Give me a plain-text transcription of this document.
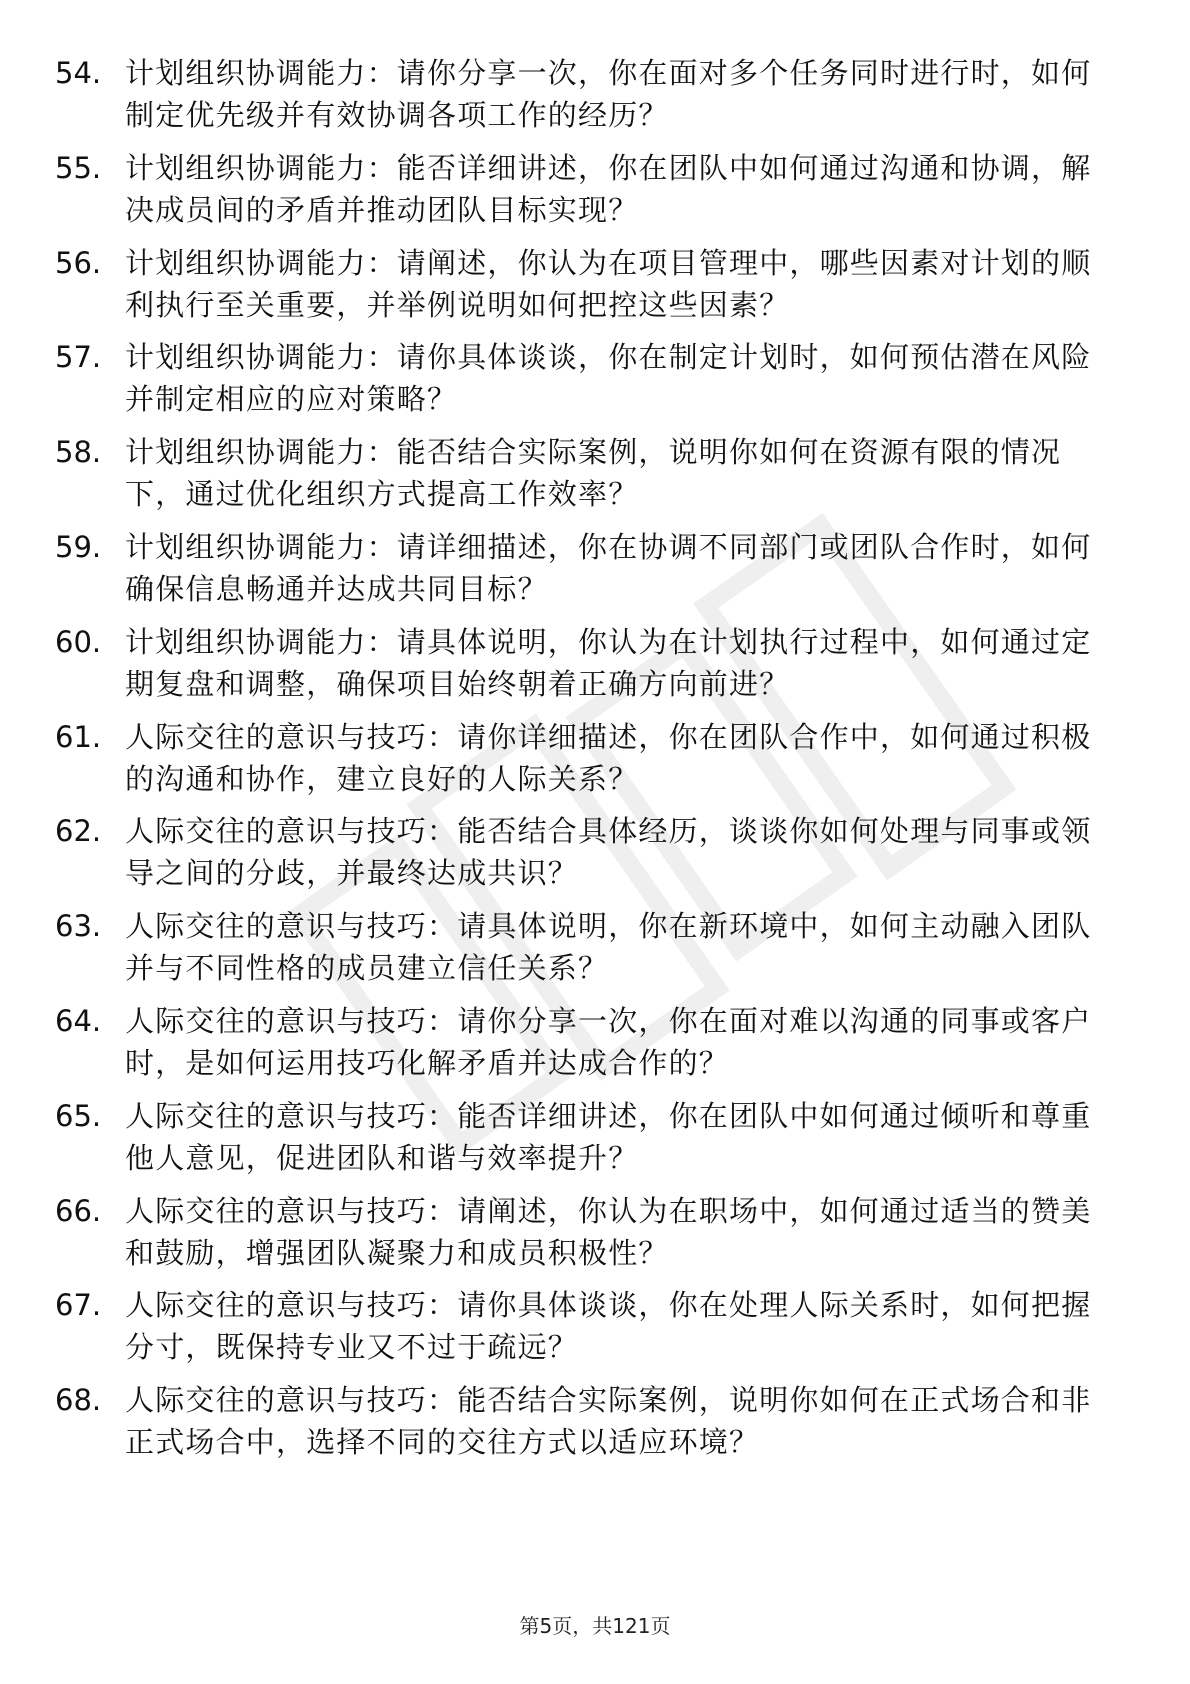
54. 计划组织协调能力：请你分享一次，你在面对多个任务同时进行时，如何制定优先级并有效协调各项工作的经历？
55. 计划组织协调能力：能否详细讲述，你在团队中如何通过沟通和协调，解决成员间的矛盾并推动团队目标实现？
56. 计划组织协调能力：请阐述，你认为在项目管理中，哪些因素对计划的顺利执行至关重要，并举例说明如何把控这些因素？
57. 计划组织协调能力：请你具体谈谈，你在制定计划时，如何预估潜在风险并制定相应的应对策略？
58. 计划组织协调能力：能否结合实际案例，说明你如何在资源有限的情况下，通过优化组织方式提高工作效率？
59. 计划组织协调能力：请详细描述，你在协调不同部门或团队合作时，如何确保信息畅通并达成共同目标？
60. 计划组织协调能力：请具体说明，你认为在计划执行过程中，如何通过定期复盘和调整，确保项目始终朝着正确方向前进？
61. 人际交往的意识与技巧：请你详细描述，你在团队合作中，如何通过积极的沟通和协作，建立良好的人际关系？
62. 人际交往的意识与技巧：能否结合具体经历，谈谈你如何处理与同事或领导之间的分歧，并最终达成共识？
63. 人际交往的意识与技巧：请具体说明，你在新环境中，如何主动融入团队并与不同性格的成员建立信任关系？
64. 人际交往的意识与技巧：请你分享一次，你在面对难以沟通的同事或客户时，是如何运用技巧化解矛盾并达成合作的？
65. 人际交往的意识与技巧：能否详细讲述，你在团队中如何通过倾听和尊重他人意见，促进团队和谐与效率提升？
66. 人际交往的意识与技巧：请阐述，你认为在职场中，如何通过适当的赞美和鼓励，增强团队凝聚力和成员积极性？
67. 人际交往的意识与技巧：请你具体谈谈，你在处理人际关系时，如何把握分寸，既保持专业又不过于疏远？
68. 人际交往的意识与技巧：能否结合实际案例，说明你如何在正式场合和非正式场合中，选择不同的交往方式以适应环境？
第5页，共121页
